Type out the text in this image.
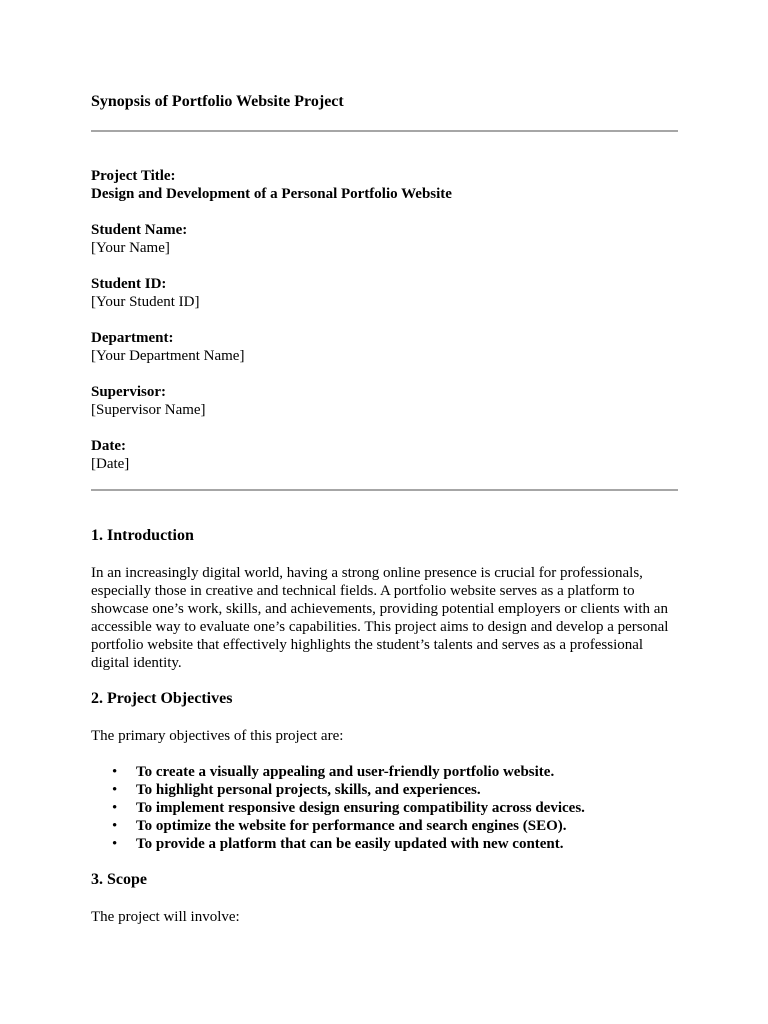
Synopsis of Portfolio Website Project
Project Title:
Design and Development of a Personal Portfolio Website
Student Name:
[Your Name]
Student ID:
[Your Student ID]
Department:
[Your Department Name]
Supervisor:
[Supervisor Name]
Date:
[Date]
1. Introduction

In an increasingly digital world, having a strong online presence is crucial for professionals, especially those in creative and technical fields. A portfolio website serves as a platform to showcase one’s work, skills, and achievements, providing potential employers or clients with an accessible way to evaluate one’s capabilities. This project aims to design and develop a personal portfolio website that effectively highlights the student’s talents and serves as a professional digital identity.

2. Project Objectives

The primary objectives of this project are:

• To create a visually appealing and user-friendly portfolio website.
• To highlight personal projects, skills, and experiences.
• To implement responsive design ensuring compatibility across devices.
• To optimize the website for performance and search engines (SEO).
• To provide a platform that can be easily updated with new content.
3. Scope

The project will involve:
